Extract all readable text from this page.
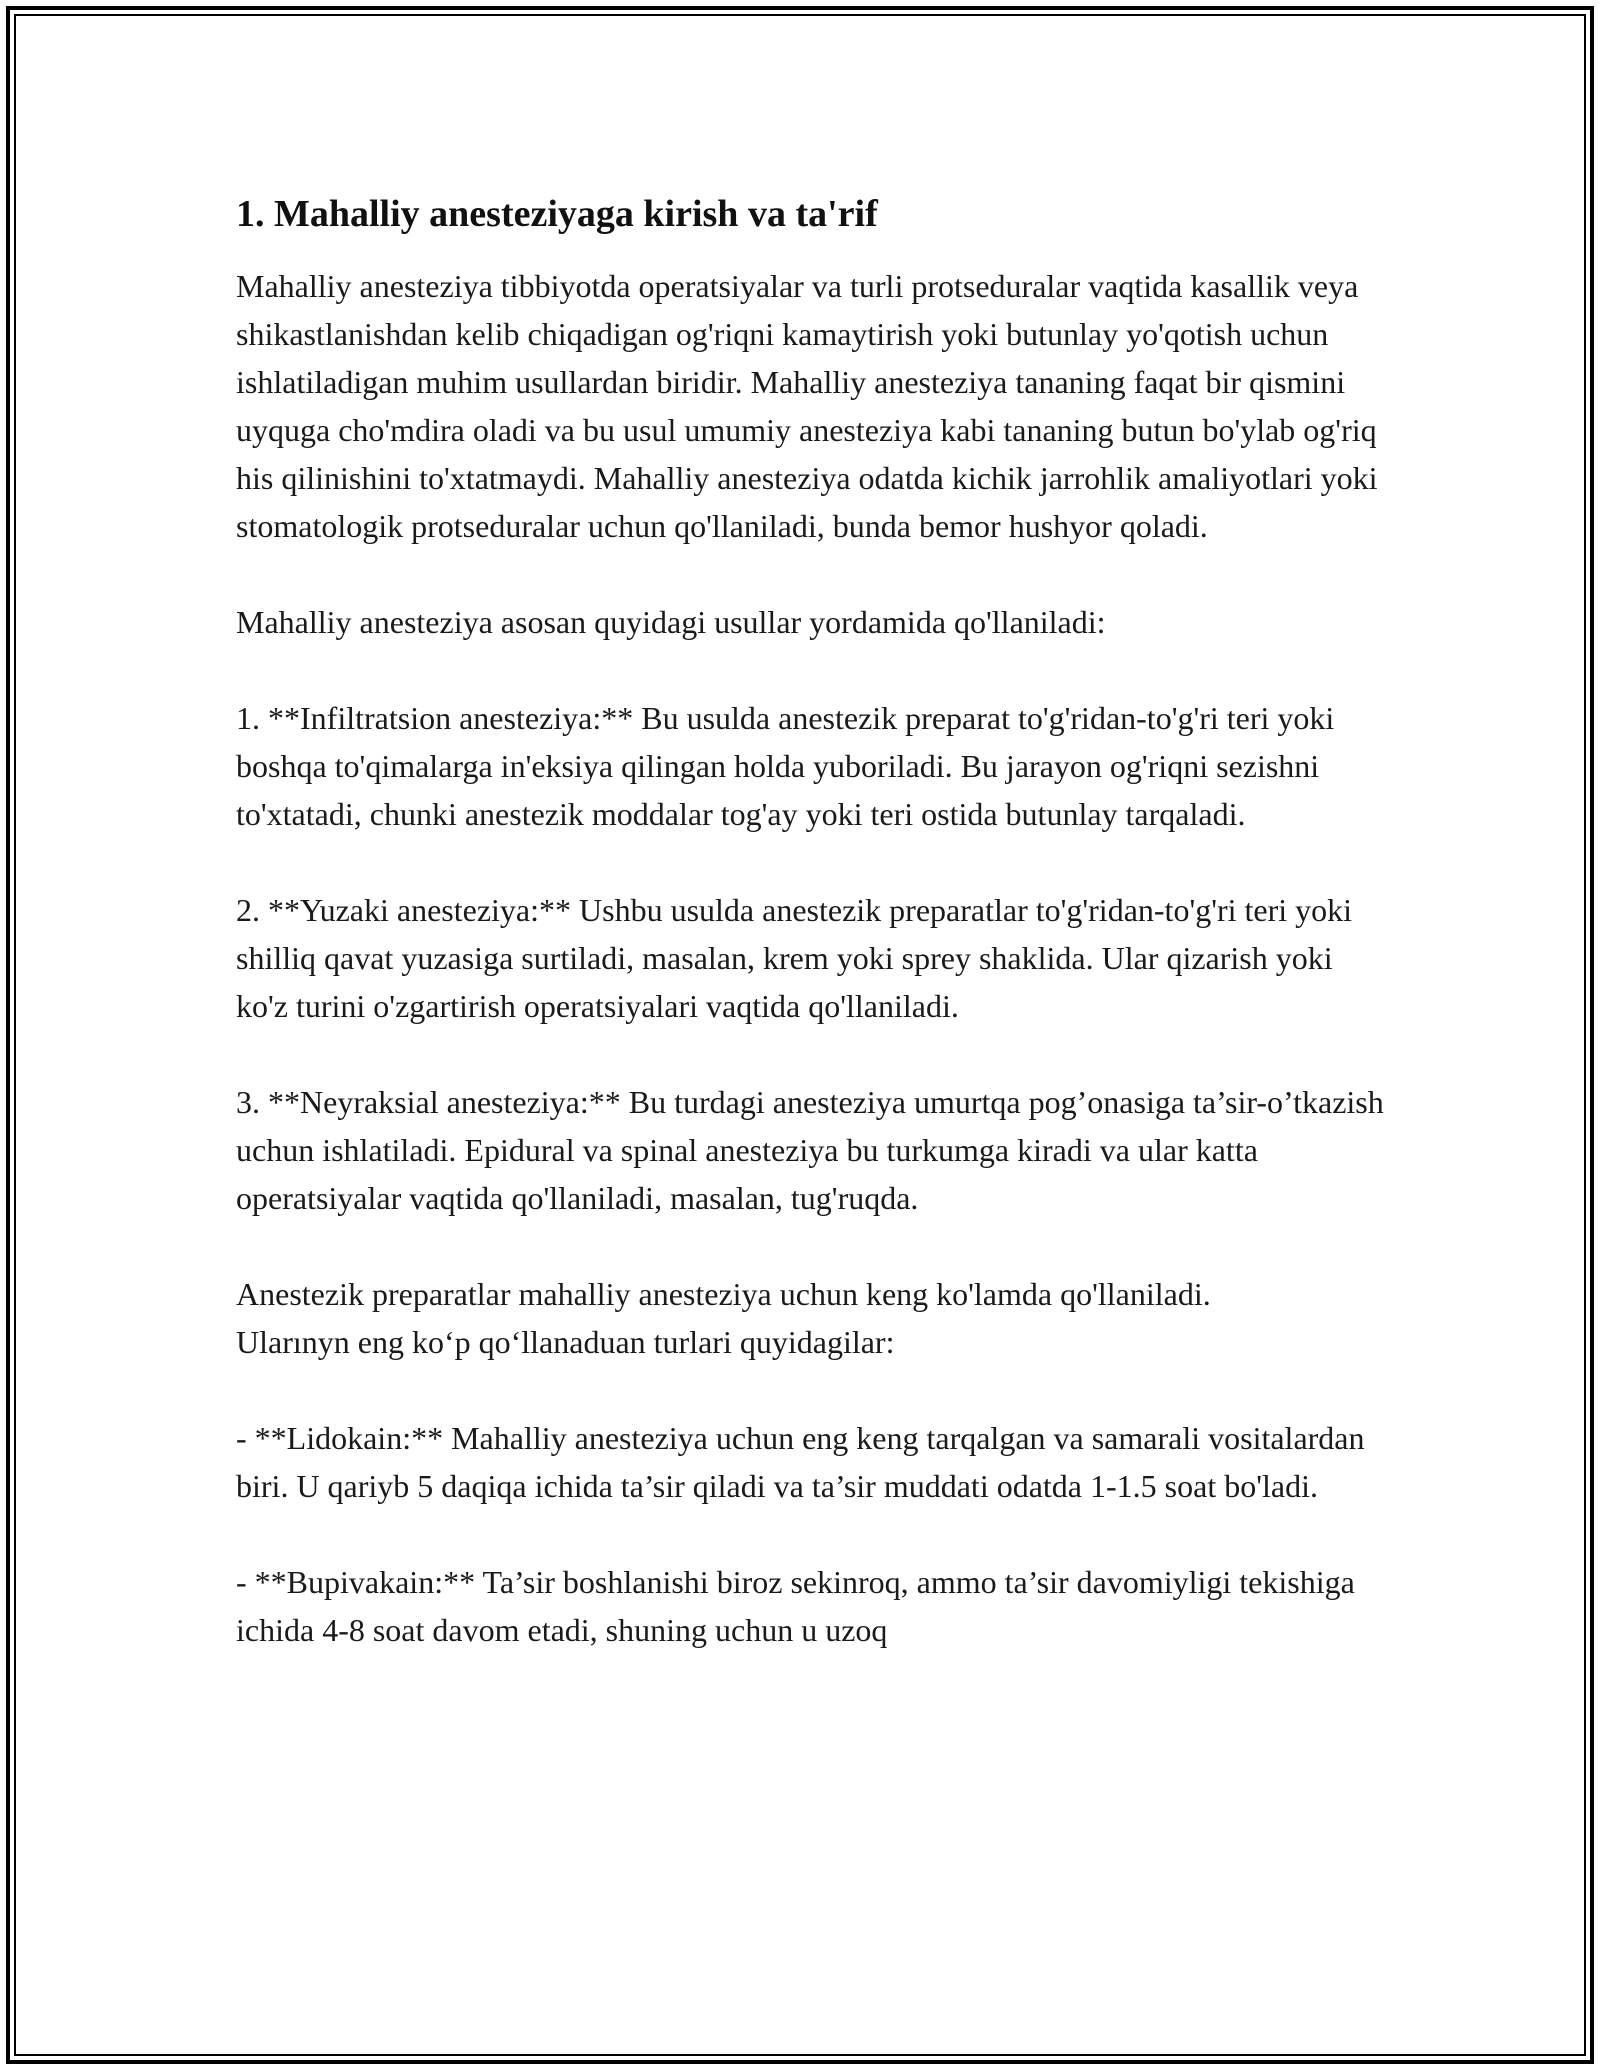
1. Mahalliy anesteziyaga kirish va ta'rif

Mahalliy anesteziya tibbiyotda operatsiyalar va turli protseduralar vaqtida kasallik veya shikastlanishdan kelib chiqadigan og'riqni kamaytirish yoki butunlay yo'qotish uchun ishlatiladigan muhim usullardan biridir. Mahalliy anesteziya tananing faqat bir qismini uyquga cho'mdira oladi va bu usul umumiy anesteziya kabi tananing butun bo'ylab og'riq his qilinishini to'xtatmaydi. Mahalliy anesteziya odatda kichik jarrohlik amaliyotlari yoki stomatologik protseduralar uchun qo'llaniladi, bunda bemor hushyor qoladi.

Mahalliy anesteziya asosan quyidagi usullar yordamida qo'llaniladi:

1. **Infiltratsion anesteziya:** Bu usulda anestezik preparat to'g'ridan-to'g'ri teri yoki boshqa to'qimalarga in'eksiya qilingan holda yuboriladi. Bu jarayon og'riqni sezishni to'xtatadi, chunki anestezik moddalar tog'ay yoki teri ostida butunlay tarqaladi.

2. **Yuzaki anesteziya:** Ushbu usulda anestezik preparatlar to'g'ridan-to'g'ri teri yoki shilliq qavat yuzasiga surtiladi, masalan, krem yoki sprey shaklida. Ular qizarish yoki ko'z turini o'zgartirish operatsiyalari vaqtida qo'llaniladi.

3. **Neyraksial anesteziya:** Bu turdagi anesteziya umurtqa pog’onasiga ta’sir-o’tkazish uchun ishlatiladi. Epidural va spinal anesteziya bu turkumga kiradi va ular katta operatsiyalar vaqtida qo'llaniladi, masalan, tug'ruqda.

Anestezik preparatlar mahalliy anesteziya uchun keng ko'lamda qo'llaniladi. Ularınyn eng ko‘p qo‘llanaduan turlari quyidagilar:

- **Lidokain:** Mahalliy anesteziya uchun eng keng tarqalgan va samarali vositalardan biri. U qariyb 5 daqiqa ichida ta’sir qiladi va ta’sir muddati odatda 1-1.5 soat bo'ladi.

- **Bupivakain:** Ta’sir boshlanishi biroz sekinroq, ammo ta’sir davomiyligi tekishiga ichida 4-8 soat davom etadi, shuning uchun u uzoq
